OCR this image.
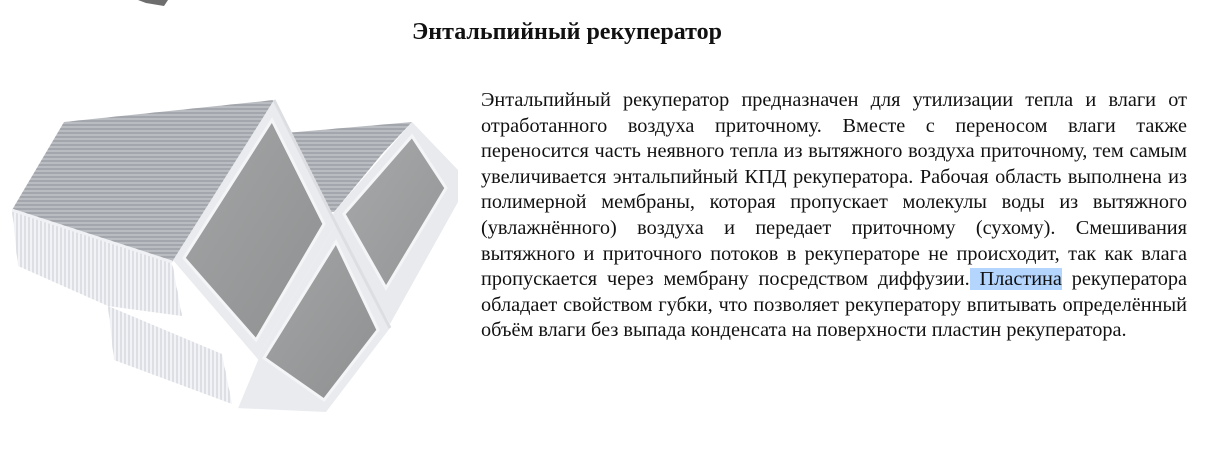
Энтальпийный рекуператор

Энтальпийный рекуператор предназначен для утилизации тепла и влаги от отработанного воздуха приточному. Вместе с переносом влаги также переносится часть неявного тепла из вытяжного воздуха приточному, тем самым увеличивается энтальпийный КПД рекуператора. Рабочая область выполнена из полимерной мембраны, которая пропускает молекулы воды из вытяжного (увлажнённого) воздуха и передает приточному (сухому). Смешивания вытяжного и приточного потоков в рекуператоре не происходит, так как влага пропускается через мембрану посредством диффузии. Пластина рекуператора обладает свойством губки, что позволяет рекуператору впитывать определённый объём влаги без выпада конденсата на поверхности пластин рекуператора.
